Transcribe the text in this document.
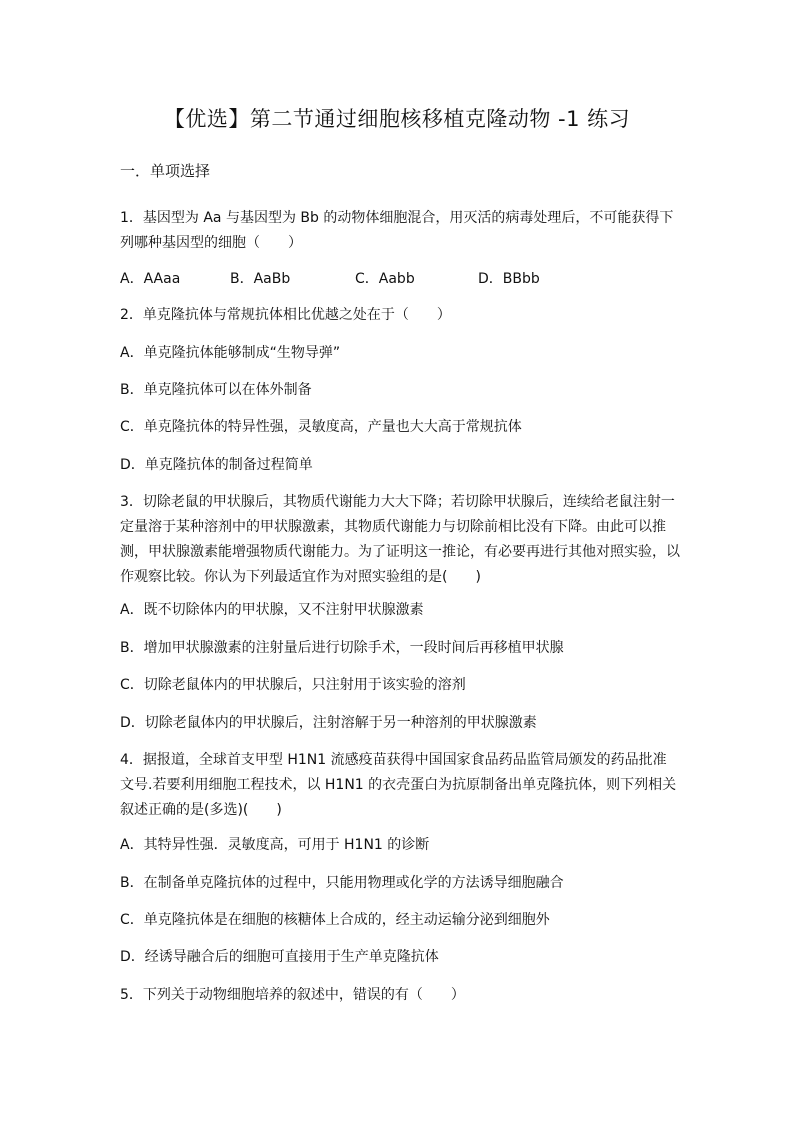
【优选】第二节通过细胞核移植克隆动物 -1 练习
一．单项选择
1．基因型为 Aa 与基因型为 Bb 的动物体细胞混合，用灭活的病毒处理后，不可能获得下列哪种基因型的细胞（　　）
A．AAaa	B．AaBb	C．Aabb	D．BBbb
2．单克隆抗体与常规抗体相比优越之处在于（　　）
A．单克隆抗体能够制成“生物导弹”
B．单克隆抗体可以在体外制备
C．单克隆抗体的特异性强，灵敏度高，产量也大大高于常规抗体
D．单克隆抗体的制备过程简单
3．切除老鼠的甲状腺后，其物质代谢能力大大下降；若切除甲状腺后，连续给老鼠注射一定量溶于某种溶剂中的甲状腺激素，其物质代谢能力与切除前相比没有下降。由此可以推测，甲状腺激素能增强物质代谢能力。为了证明这一推论，有必要再进行其他对照实验，以作观察比较。你认为下列最适宜作为对照实验组的是(　　)
A．既不切除体内的甲状腺，又不注射甲状腺激素
B．增加甲状腺激素的注射量后进行切除手术，一段时间后再移植甲状腺
C．切除老鼠体内的甲状腺后，只注射用于该实验的溶剂
D．切除老鼠体内的甲状腺后，注射溶解于另一种溶剂的甲状腺激素
4．据报道，全球首支甲型 H1N1 流感疫苗获得中国国家食品药品监管局颁发的药品批准文号.若要利用细胞工程技术，以 H1N1 的衣壳蛋白为抗原制备出单克隆抗体，则下列相关叙述正确的是(多选)(　　)
A．其特异性强．灵敏度高，可用于 H1N1 的诊断
B．在制备单克隆抗体的过程中，只能用物理或化学的方法诱导细胞融合
C．单克隆抗体是在细胞的核糖体上合成的，经主动运输分泌到细胞外
D．经诱导融合后的细胞可直接用于生产单克隆抗体
5．下列关于动物细胞培养的叙述中，错误的有（　　）
